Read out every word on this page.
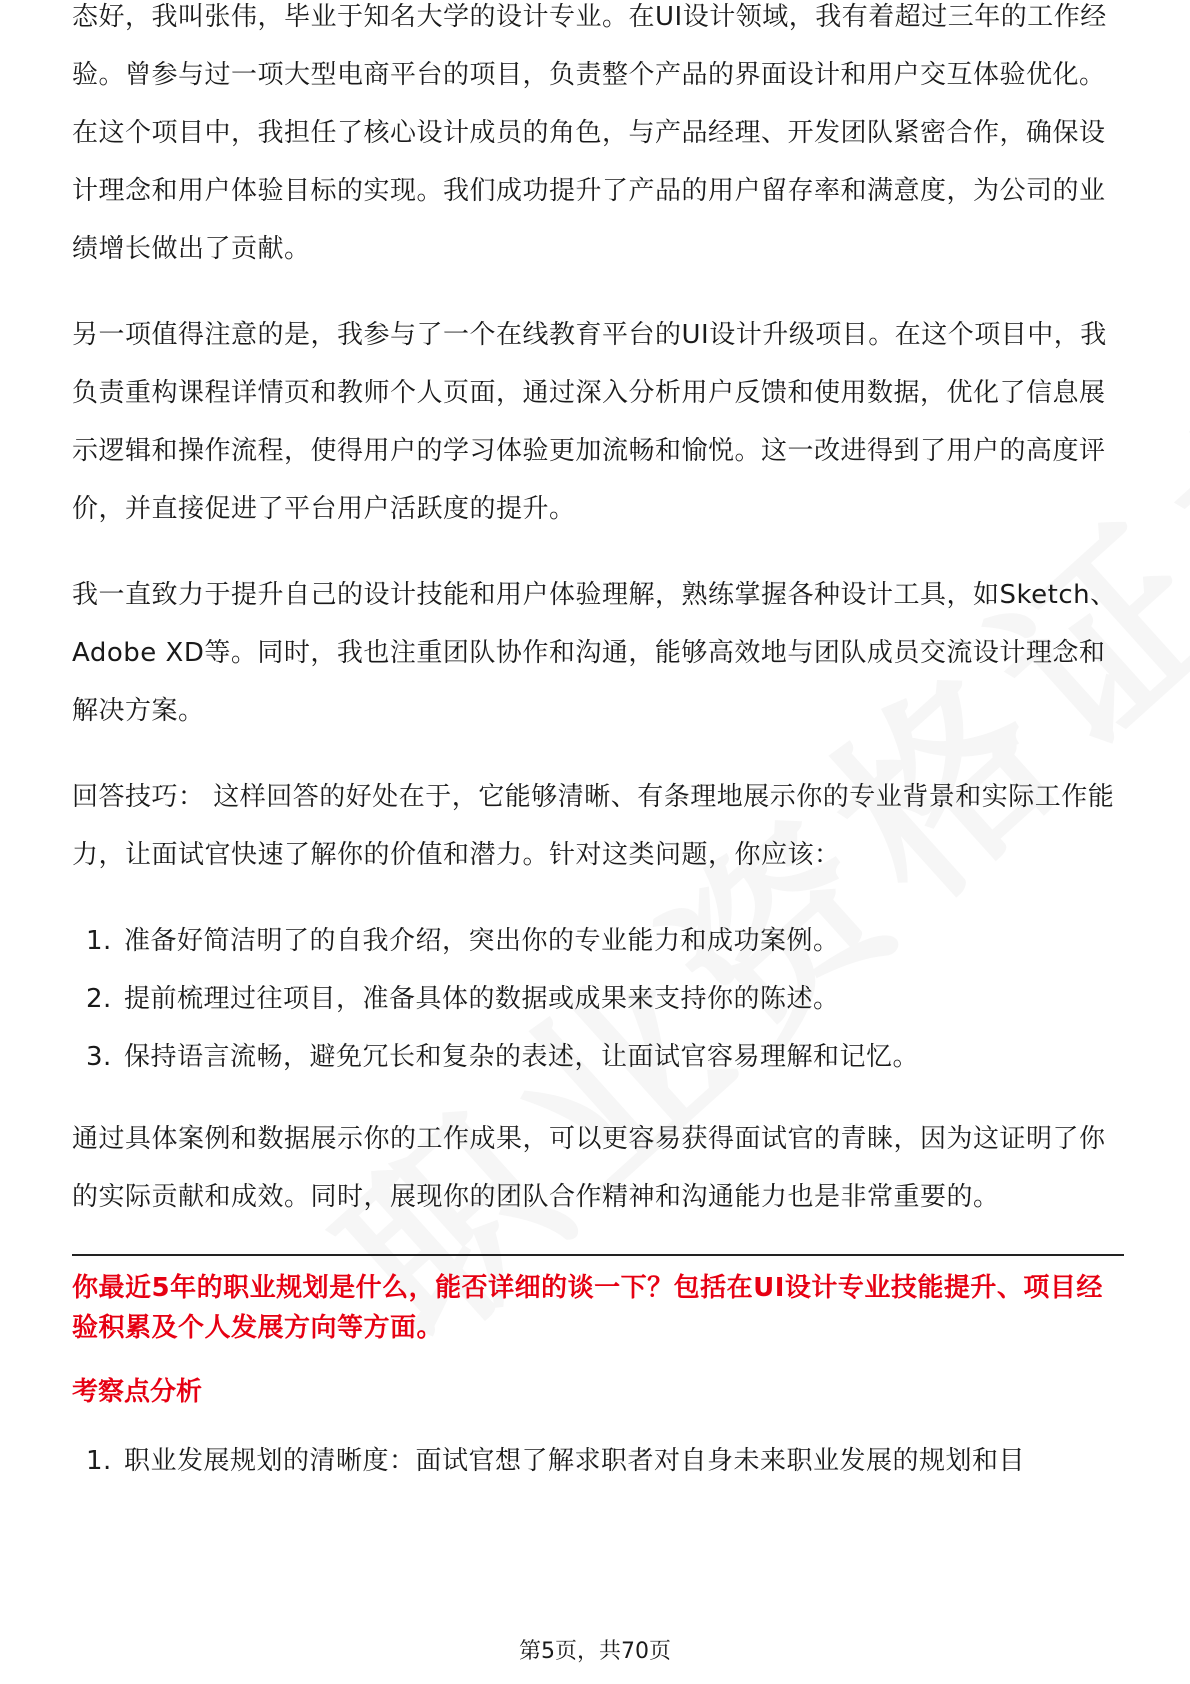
态好，我叫张伟，毕业于知名大学的设计专业。在UI设计领域，我有着超过三年的工作经验。曾参与过一项大型电商平台的项目，负责整个产品的界面设计和用户交互体验优化。在这个项目中，我担任了核心设计成员的角色，与产品经理、开发团队紧密合作，确保设计理念和用户体验目标的实现。我们成功提升了产品的用户留存率和满意度，为公司的业绩增长做出了贡献。

另一项值得注意的是，我参与了一个在线教育平台的UI设计升级项目。在这个项目中，我负责重构课程详情页和教师个人页面，通过深入分析用户反馈和使用数据，优化了信息展示逻辑和操作流程，使得用户的学习体验更加流畅和愉悦。这一改进得到了用户的高度评价，并直接促进了平台用户活跃度的提升。

我一直致力于提升自己的设计技能和用户体验理解，熟练掌握各种设计工具，如Sketch、Adobe XD等。同时，我也注重团队协作和沟通，能够高效地与团队成员交流设计理念和解决方案。

回答技巧： 这样回答的好处在于，它能够清晰、有条理地展示你的专业背景和实际工作能力，让面试官快速了解你的价值和潜力。针对这类问题，你应该：

1. 准备好简洁明了的自我介绍，突出你的专业能力和成功案例。
2. 提前梳理过往项目，准备具体的数据或成果来支持你的陈述。
3. 保持语言流畅，避免冗长和复杂的表述，让面试官容易理解和记忆。

通过具体案例和数据展示你的工作成果，可以更容易获得面试官的青睐，因为这证明了你的实际贡献和成效。同时，展现你的团队合作精神和沟通能力也是非常重要的。

你最近5年的职业规划是什么，能否详细的谈一下？包括在UI设计专业技能提升、项目经验积累及个人发展方向等方面。

考察点分析

1. 职业发展规划的清晰度：面试官想了解求职者对自身未来职业发展的规划和目
第5页，共70页
